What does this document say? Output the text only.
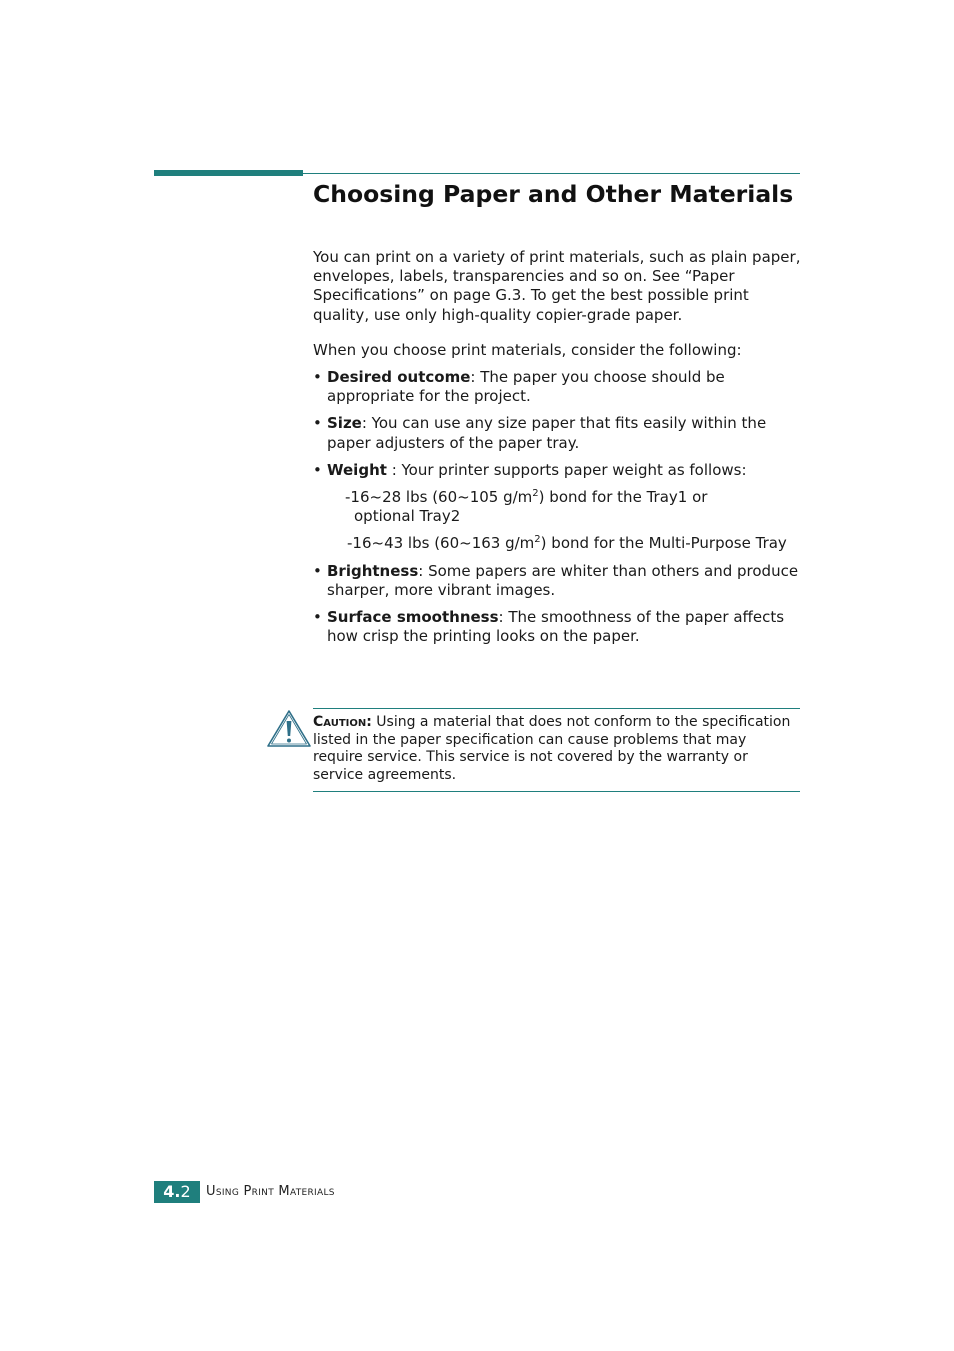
Choosing Paper and Other Materials

You can print on a variety of print materials, such as plain paper, envelopes, labels, transparencies and so on. See “Paper Specifications” on page G.3. To get the best possible print quality, use only high-quality copier-grade paper.

When you choose print materials, consider the following:

• Desired outcome: The paper you choose should be appropriate for the project.
• Size: You can use any size paper that fits easily within the paper adjusters of the paper tray.
• Weight : Your printer supports paper weight as follows:
-16~28 lbs (60~105 $g/m^2$) bond for the Tray1 or
optional Tray2
-16~43 lbs (60~163 $g/m^2$) bond for the Multi-Purpose Tray
• Brightness: Some papers are whiter than others and produce sharper, more vibrant images.
• Surface smoothness: The smoothness of the paper affects how crisp the printing looks on the paper.
Caution: Using a material that does not conform to the specification listed in the paper specification can cause problems that may require service. This service is not covered by the warranty or service agreements.
4.2	Using Print Materials
